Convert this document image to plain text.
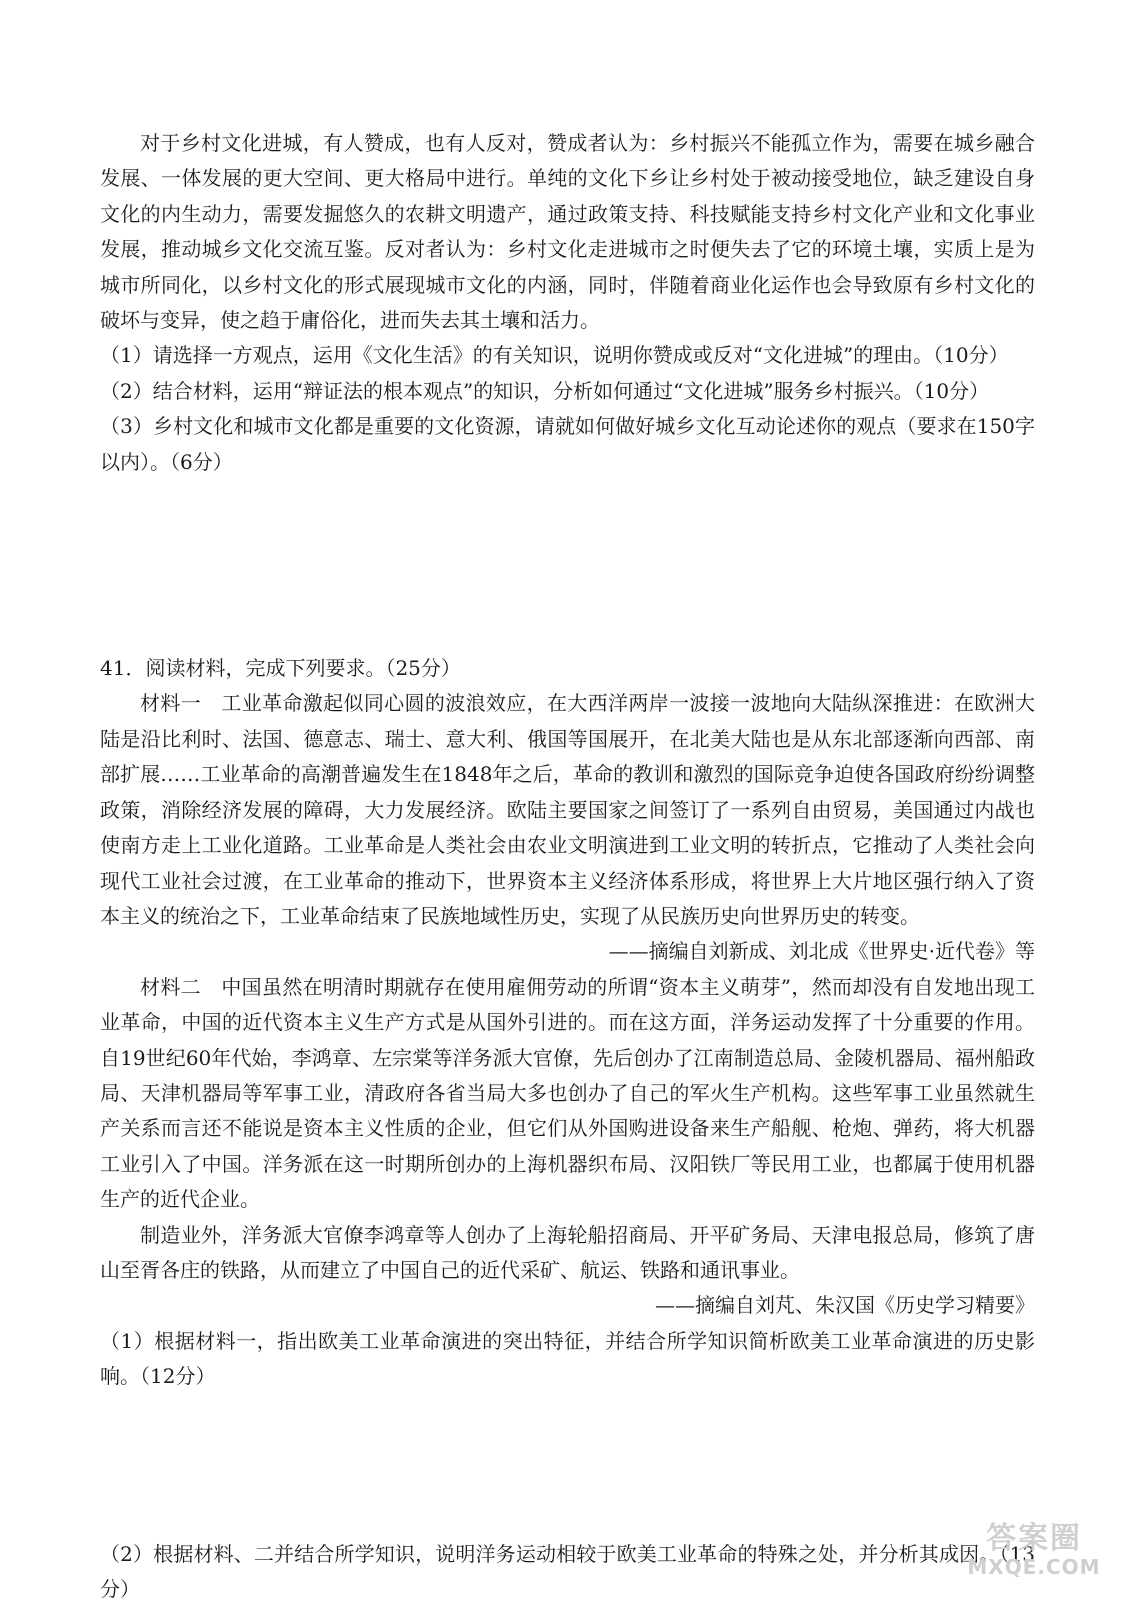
对于乡村文化进城，有人赞成，也有人反对，赞成者认为：乡村振兴不能孤立作为，需要在城乡融合发展、一体发展的更大空间、更大格局中进行。单纯的文化下乡让乡村处于被动接受地位，缺乏建设自身文化的内生动力，需要发掘悠久的农耕文明遗产，通过政策支持、科技赋能支持乡村文化产业和文化事业发展，推动城乡文化交流互鉴。反对者认为：乡村文化走进城市之时便失去了它的环境土壤，实质上是为城市所同化，以乡村文化的形式展现城市文化的内涵，同时，伴随着商业化运作也会导致原有乡村文化的破坏与变异，使之趋于庸俗化，进而失去其土壤和活力。

（1）请选择一方观点，运用《文化生活》的有关知识，说明你赞成或反对“文化进城”的理由。（10分）

（2）结合材料，运用“辩证法的根本观点”的知识，分析如何通过“文化进城”服务乡村振兴。（10分）

（3）乡村文化和城市文化都是重要的文化资源，请就如何做好城乡文化互动论述你的观点（要求在150字以内）。（6分）

41．阅读材料，完成下列要求。（25分）

材料一　工业革命激起似同心圆的波浪效应，在大西洋两岸一波接一波地向大陆纵深推进：在欧洲大陆是沿比利时、法国、德意志、瑞士、意大利、俄国等国展开，在北美大陆也是从东北部逐渐向西部、南部扩展……工业革命的高潮普遍发生在1848年之后，革命的教训和激烈的国际竞争迫使各国政府纷纷调整政策，消除经济发展的障碍，大力发展经济。欧陆主要国家之间签订了一系列自由贸易，美国通过内战也使南方走上工业化道路。工业革命是人类社会由农业文明演进到工业文明的转折点，它推动了人类社会向现代工业社会过渡，在工业革命的推动下，世界资本主义经济体系形成，将世界上大片地区强行纳入了资本主义的统治之下，工业革命结束了民族地域性历史，实现了从民族历史向世界历史的转变。

——摘编自刘新成、刘北成《世界史·近代卷》等

材料二　中国虽然在明清时期就存在使用雇佣劳动的所谓“资本主义萌芽”，然而却没有自发地出现工业革命，中国的近代资本主义生产方式是从国外引进的。而在这方面，洋务运动发挥了十分重要的作用。自19世纪60年代始，李鸿章、左宗棠等洋务派大官僚，先后创办了江南制造总局、金陵机器局、福州船政局、天津机器局等军事工业，清政府各省当局大多也创办了自己的军火生产机构。这些军事工业虽然就生产关系而言还不能说是资本主义性质的企业，但它们从外国购进设备来生产船舰、枪炮、弹药，将大机器工业引入了中国。洋务派在这一时期所创办的上海机器织布局、汉阳铁厂等民用工业，也都属于使用机器生产的近代企业。

制造业外，洋务派大官僚李鸿章等人创办了上海轮船招商局、开平矿务局、天津电报总局，修筑了唐山至胥各庄的铁路，从而建立了中国自己的近代采矿、航运、铁路和通讯事业。

——摘编自刘芃、朱汉国《历史学习精要》

（1）根据材料一，指出欧美工业革命演进的突出特征，并结合所学知识简析欧美工业革命演进的历史影响。（12分）

（2）根据材料、二并结合所学知识，说明洋务运动相较于欧美工业革命的特殊之处，并分析其成因。（13分）

答案圈
MXQE.COM
